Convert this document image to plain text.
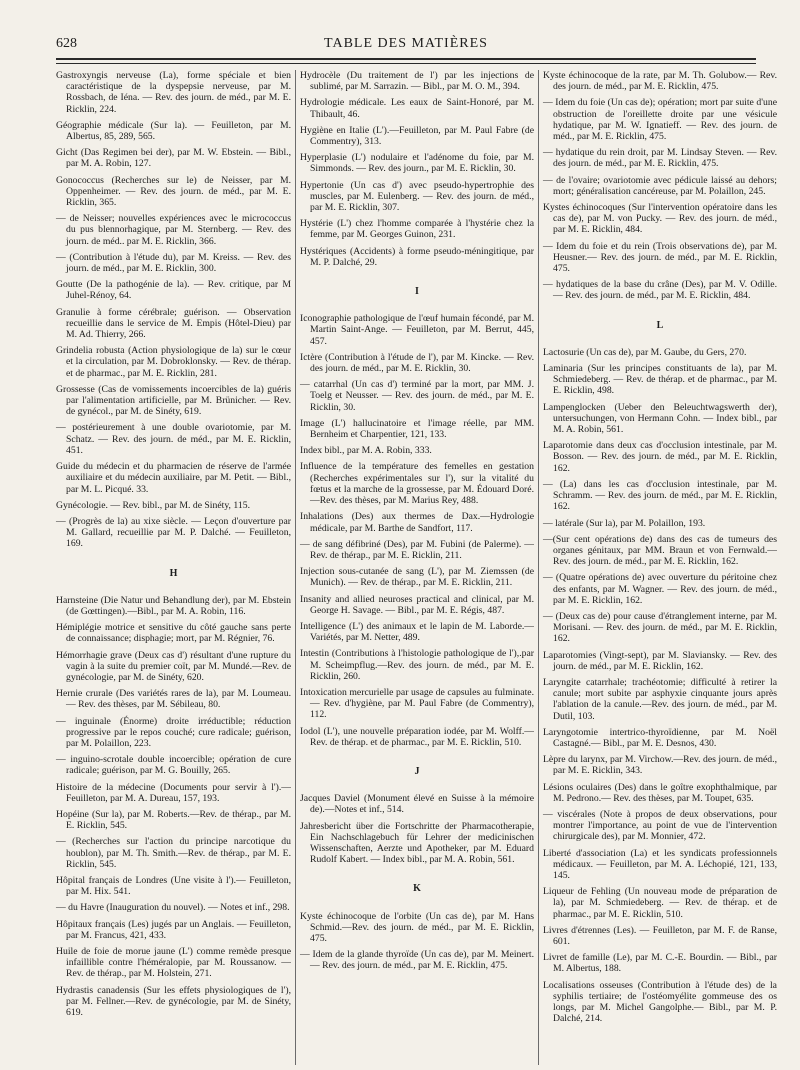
628	TABLE DES MATIÈRES
Gastroxyngis nerveuse (La), forme spéciale et bien caractéristique de la dyspepsie nerveuse, par M. Rossbach, de Iéna. — Rev. des journ. de méd., par M. E. Ricklin, 224.
Géographie médicale (Sur la). — Feuilleton, par M. Albertus, 85, 289, 565.
Gicht (Das Regimen bei der), par M. W. Ebstein. — Bibl., par M. A. Robin, 127.
Gonococcus (Recherches sur le) de Neisser, par M. Oppenheimer. — Rev. des journ. de méd., par M. E. Ricklin, 365.
— de Neisser; nouvelles expériences avec le micrococcus du pus blennorhagique, par M. Sternberg. — Rev. des journ. de méd.. par M. E. Ricklin, 366.
— (Contribution à l'étude du), par M. Kreiss. — Rev. des journ. de méd., par M. E. Ricklin, 300.
Goutte (De la pathogénie de la). — Rev. critique, par M Juhel-Rénoy, 64.
Granulie à forme cérébrale; guérison. — Observation recueillie dans le service de M. Empis (Hôtel-Dieu) par M. Ad. Thierry, 266.
Grindelia robusta (Action physiologique de la) sur le cœur et la circulation, par M. Dobroklonsky. — Rev. de thérap. et de pharmac., par M. E. Ricklin, 281.
Grossesse (Cas de vomissements incoercibles de la) guéris par l'alimentation artificielle, par M. Brünicher. — Rev. de gynécol., par M. de Sinéty, 619.
— postérieurement à une double ovariotomie, par M. Schatz. — Rev. des journ. de méd., par M. E. Ricklin, 451.
Guide du médecin et du pharmacien de réserve de l'armée auxiliaire et du médecin auxiliaire, par M. Petit. — Bibl., par M. L. Picqué. 33.
Gynécologie. — Rev. bibl., par M. de Sinéty, 115.
— (Progrès de la) au xixe siècle. — Leçon d'ouverture par M. Gallard, recueillie par M. P. Dalché. — Feuilleton, 169.
H
Harnsteine (Die Natur und Behandlung der), par M. Ebstein (de Gœttingen).—Bibl., par M. A. Robin, 116.
Hémiplégie motrice et sensitive du côté gauche sans perte de connaissance; disphagie; mort, par M. Régnier, 76.
Hémorrhagie grave (Deux cas d') résultant d'une rupture du vagin à la suite du premier coït, par M. Mundé.—Rev. de gynécologie, par M. de Sinéty, 620.
Hernie crurale (Des variétés rares de la), par M. Loumeau. — Rev. des thèses, par M. Sébileau, 80.
— inguinale (Énorme) droite irréductible; réduction progressive par le repos couché; cure radicale; guérison, par M. Polaillon, 223.
— inguino-scrotale double incoercible; opération de cure radicale; guérison, par M. G. Bouilly, 265.
Histoire de la médecine (Documents pour servir à l').—Feuilleton, par M. A. Dureau, 157, 193.
Hopéine (Sur la), par M. Roberts.—Rev. de thérap., par M. E. Ricklin, 545.
— (Recherches sur l'action du principe narcotique du houblon), par M. Th. Smith.—Rev. de thérap., par M. E. Ricklin, 545.
Hôpital français de Londres (Une visite à l').— Feuilleton, par M. Hix. 541.
— du Havre (Inauguration du nouvel). — Notes et inf., 298.
Hôpitaux français (Les) jugés par un Anglais. — Feuilleton, par M. Francus, 421, 433.
Huile de foie de morue jaune (L') comme remède presque infaillible contre l'héméralopie, par M. Roussanow. — Rev. de thérap., par M. Holstein, 271.
Hydrastis canadensis (Sur les effets physiologiques de l'), par M. Fellner.—Rev. de gynécologie, par M. de Sinéty, 619.
Hydrocèle (Du traitement de l') par les injections de sublimé, par M. Sarrazin. — Bibl., par M. O. M., 394.
Hydrologie médicale. Les eaux de Saint-Honoré, par M. Thibault, 46.
Hygiène en Italie (L').—Feuilleton, par M. Paul Fabre (de Commentry), 313.
Hyperplasie (L') nodulaire et l'adénome du foie, par M. Simmonds. — Rev. des journ., par M. E. Ricklin, 30.
Hypertonie (Un cas d') avec pseudo-hypertrophie des muscles, par M. Eulenberg. — Rev. des journ. de méd., par M. E. Ricklin, 307.
Hystérie (L') chez l'homme comparée à l'hystérie chez la femme, par M. Georges Guinon, 231.
Hystériques (Accidents) à forme pseudo-méningitique, par M. P. Dalché, 29.
I
Iconographie pathologique de l'œuf humain fécondé, par M. Martin Saint-Ange. — Feuilleton, par M. Berrut, 445, 457.
Ictère (Contribution à l'étude de l'), par M. Kincke. — Rev. des journ. de méd., par M. E. Ricklin, 30.
— catarrhal (Un cas d') terminé par la mort, par MM. J. Toelg et Neusser. — Rev. des journ. de méd., par M. E. Ricklin, 30.
Image (L') hallucinatoire et l'image réelle, par MM. Bernheim et Charpentier, 121, 133.
Index bibl., par M. A. Robin, 333.
Influence de la température des femelles en gestation (Recherches expérimentales sur l'), sur la vitalité du fœtus et la marche de la grossesse, par M. Édouard Doré.—Rev. des thèses, par M. Marius Rey, 488.
Inhalations (Des) aux thermes de Dax.—Hydrologie médicale, par M. Barthe de Sandfort, 117.
— de sang défibriné (Des), par M. Fubini (de Palerme). — Rev. de thérap., par M. E. Ricklin, 211.
Injection sous-cutanée de sang (L'), par M. Ziemssen (de Munich). — Rev. de thérap., par M. E. Ricklin, 211.
Insanity and allied neuroses practical and clinical, par M. George H. Savage. — Bibl., par M. E. Régis, 487.
Intelligence (L') des animaux et le lapin de M. Laborde.—Variétés, par M. Netter, 489.
Intestin (Contributions à l'histologie pathologique de l'),.par M. Scheimpflug.—Rev. des journ. de méd., par M. E. Ricklin, 260.
Intoxication mercurielle par usage de capsules au fulminate. — Rev. d'hygiène, par M. Paul Fabre (de Commentry), 112.
Iodol (L'), une nouvelle préparation iodée, par M. Wolff.—Rev. de thérap. et de pharmac., par M. E. Ricklin, 510.
J
Jacques Daviel (Monument élevé en Suisse à la mémoire de).—Notes et inf., 514.
Jahresbericht über die Fortschritte der Pharmacotherapie, Ein Nachschlagebuch für Lehrer der medicinischen Wissenschaften, Aerzte und Apotheker, par M. Eduard Rudolf Kabert. — Index bibl., par M. A. Robin, 561.
K
Kyste échinocoque de l'orbite (Un cas de), par M. Hans Schmid.—Rev. des journ. de méd., par M. E. Ricklin, 475.
— Idem de la glande thyroïde (Un cas de), par M. Meinert. — Rev. des journ. de méd., par M. E. Ricklin, 475.
Kyste échinocoque de la rate, par M. Th. Golubow.— Rev. des journ. de méd., par M. E. Ricklin, 475.
— Idem du foie (Un cas de); opération; mort par suite d'une obstruction de l'oreillette droite par une vésicule hydatique, par M. W. Ignatieff. — Rev. des journ. de méd., par M. E. Ricklin, 475.
— hydatique du rein droit, par M. Lindsay Steven. — Rev. des journ. de méd., par M. E. Ricklin, 475.
— de l'ovaire; ovariotomie avec pédicule laissé au dehors; mort; généralisation cancéreuse, par M. Polaillon, 245.
Kystes échinocoques (Sur l'intervention opératoire dans les cas de), par M. von Pucky. — Rev. des journ. de méd., par M. E. Ricklin, 484.
— Idem du foie et du rein (Trois observations de), par M. Heusner.— Rev. des journ. de méd., par M. E. Ricklin, 475.
— hydatiques de la base du crâne (Des), par M. V. Odille. — Rev. des journ. de méd., par M. E. Ricklin, 484.
L
Lactosurie (Un cas de), par M. Gaube, du Gers, 270.
Laminaria (Sur les principes constituants de la), par M. Schmiedeberg. — Rev. de thérap. et de pharmac., par M. E. Ricklin, 498.
Lampenglocken (Ueber den Beleuchtwagswerth der), untersuchungen, von Hermann Cohn. — Index bibl., par M. A. Robin, 561.
Laparotomie dans deux cas d'occlusion intestinale, par M. Bosson. — Rev. des journ. de méd., par M. E. Ricklin, 162.
— (La) dans les cas d'occlusion intestinale, par M. Schramm. — Rev. des journ. de méd., par M. E. Ricklin, 162.
— latérale (Sur la), par M. Polaillon, 193.
—(Sur cent opérations de) dans des cas de tumeurs des organes génitaux, par MM. Braun et von Fernwald.—Rev. des journ. de méd., par M. E. Ricklin, 162.
— (Quatre opérations de) avec ouverture du péritoine chez des enfants, par M. Wagner. — Rev. des journ. de méd., par M. E. Ricklin, 162.
— (Deux cas de) pour cause d'étranglement interne, par M. Morisani. — Rev. des journ. de méd., par M. E. Ricklin, 162.
Laparotomies (Vingt-sept), par M. Slaviansky. — Rev. des journ. de méd., par M. E. Ricklin, 162.
Laryngite catarrhale; trachéotomie; difficulté à retirer la canule; mort subite par asphyxie cinquante jours après l'ablation de la canule.—Rev. des journ. de méd., par M. Dutil, 103.
Laryngotomie intertrico-thyroïdienne, par M. Noël Castagné.— Bibl., par M. E. Desnos, 430.
Lèpre du larynx, par M. Virchow.—Rev. des journ. de méd., par M. E. Ricklin, 343.
Lésions oculaires (Des) dans le goître exophthalmique, par M. Pedrono.— Rev. des thèses, par M. Toupet, 635.
— viscérales (Note à propos de deux observations, pour montrer l'importance, au point de vue de l'intervention chirurgicale des), par M. Monnier, 472.
Liberté d'association (La) et les syndicats professionnels médicaux. — Feuilleton, par M. A. Léchopié, 121, 133, 145.
Liqueur de Fehling (Un nouveau mode de préparation de la), par M. Schmiedeberg. — Rev. de thérap. et de pharmac., par M. E. Ricklin, 510.
Livres d'étrennes (Les). — Feuilleton, par M. F. de Ranse, 601.
Livret de famille (Le), par M. C.-E. Bourdin. — Bibl., par M. Albertus, 188.
Localisations osseuses (Contribution à l'étude des) de la syphilis tertiaire; de l'ostéomyélite gommeuse des os longs, par M. Michel Gangolphe.— Bibl., par M. P. Dalché, 214.
